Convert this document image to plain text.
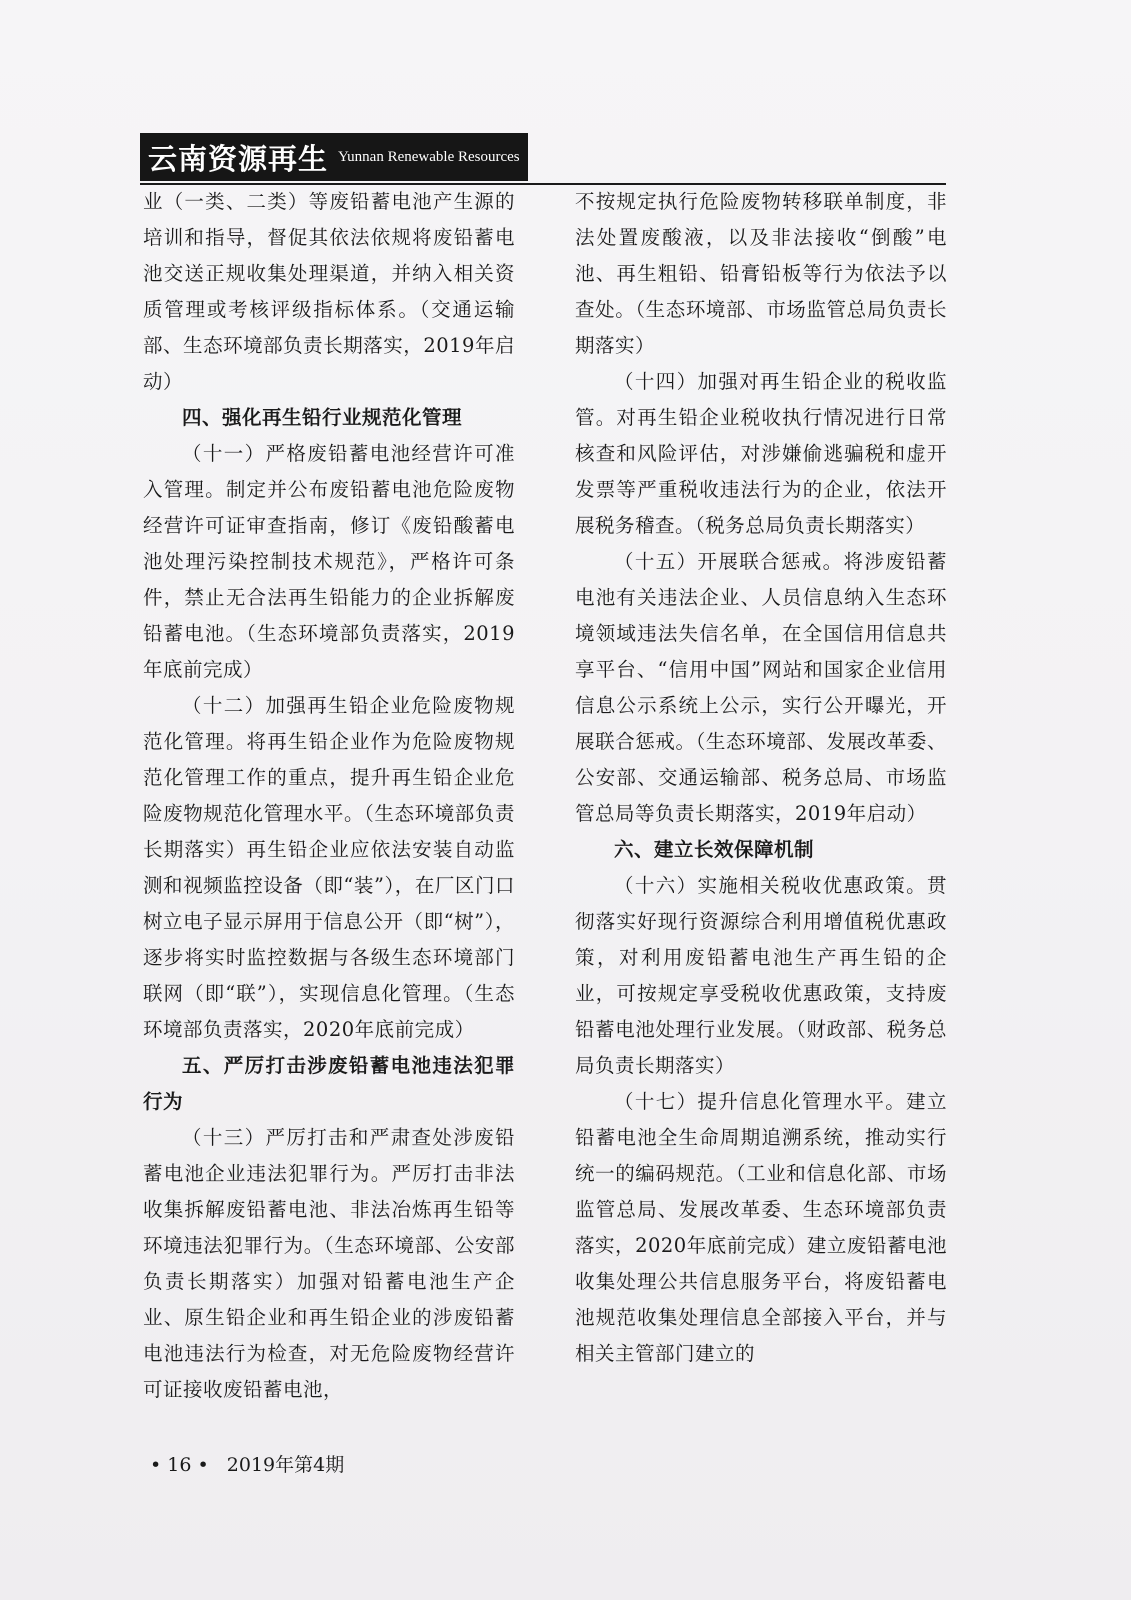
云南资源再生 Yunnan Renewable Resources

业（一类、二类）等废铅蓄电池产生源的培训和指导，督促其依法依规将废铅蓄电池交送正规收集处理渠道，并纳入相关资质管理或考核评级指标体系。（交通运输部、生态环境部负责长期落实，2019年启动）

四、强化再生铅行业规范化管理

（十一）严格废铅蓄电池经营许可准入管理。制定并公布废铅蓄电池危险废物经营许可证审查指南，修订《废铅酸蓄电池处理污染控制技术规范》，严格许可条件，禁止无合法再生铅能力的企业拆解废铅蓄电池。（生态环境部负责落实，2019年底前完成）

（十二）加强再生铅企业危险废物规范化管理。将再生铅企业作为危险废物规范化管理工作的重点，提升再生铅企业危险废物规范化管理水平。（生态环境部负责长期落实）再生铅企业应依法安装自动监测和视频监控设备（即“装”），在厂区门口树立电子显示屏用于信息公开（即“树”），逐步将实时监控数据与各级生态环境部门联网（即“联”），实现信息化管理。（生态环境部负责落实，2020年底前完成）

五、严厉打击涉废铅蓄电池违法犯罪行为

（十三）严厉打击和严肃查处涉废铅蓄电池企业违法犯罪行为。严厉打击非法收集拆解废铅蓄电池、非法冶炼再生铅等环境违法犯罪行为。（生态环境部、公安部负责长期落实）加强对铅蓄电池生产企业、原生铅企业和再生铅企业的涉废铅蓄电池违法行为检查，对无危险废物经营许可证接收废铅蓄电池，

不按规定执行危险废物转移联单制度，非法处置废酸液，以及非法接收“倒酸”电池、再生粗铅、铅膏铅板等行为依法予以查处。（生态环境部、市场监管总局负责长期落实）

（十四）加强对再生铅企业的税收监管。对再生铅企业税收执行情况进行日常核查和风险评估，对涉嫌偷逃骗税和虚开发票等严重税收违法行为的企业，依法开展税务稽查。（税务总局负责长期落实）

（十五）开展联合惩戒。将涉废铅蓄电池有关违法企业、人员信息纳入生态环境领域违法失信名单，在全国信用信息共享平台、“信用中国”网站和国家企业信用信息公示系统上公示，实行公开曝光，开展联合惩戒。（生态环境部、发展改革委、公安部、交通运输部、税务总局、市场监管总局等负责长期落实，2019年启动）

六、建立长效保障机制

（十六）实施相关税收优惠政策。贯彻落实好现行资源综合利用增值税优惠政策，对利用废铅蓄电池生产再生铅的企业，可按规定享受税收优惠政策，支持废铅蓄电池处理行业发展。（财政部、税务总局负责长期落实）

（十七）提升信息化管理水平。建立铅蓄电池全生命周期追溯系统，推动实行统一的编码规范。（工业和信息化部、市场监管总局、发展改革委、生态环境部负责落实，2020年底前完成）建立废铅蓄电池收集处理公共信息服务平台，将废铅蓄电池规范收集处理信息全部接入平台，并与相关主管部门建立的

• 16 • 2019年第4期
